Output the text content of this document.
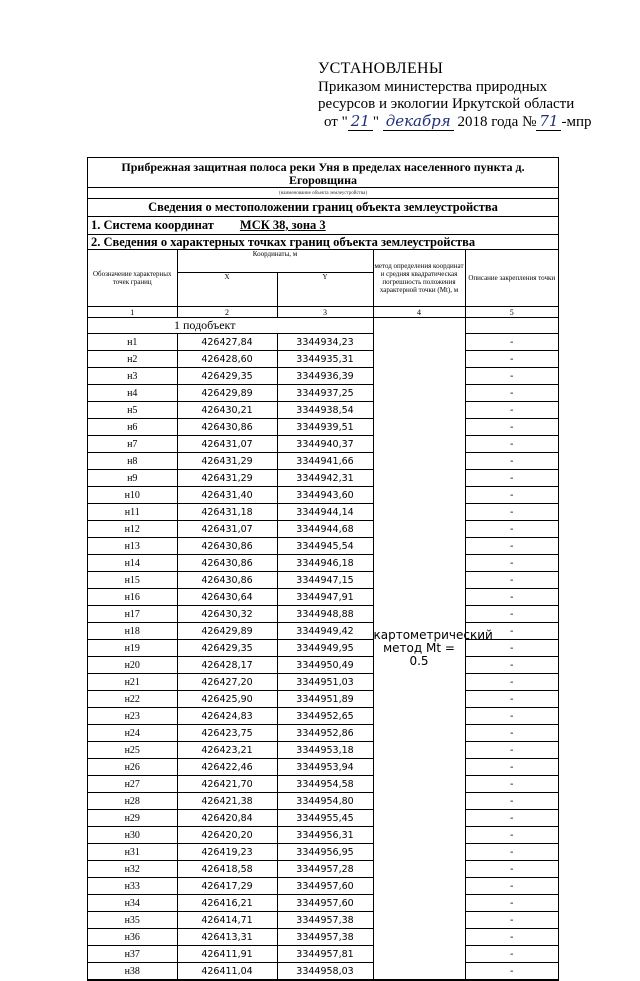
УСТАНОВЛЕНЫ
Приказом министерства природных
ресурсов и экологии Иркутской области
от " 21 " декабря 2018 года № 71 -мпр
Прибрежная защитная полоса реки Уня в пределах населенного пункта д. Егоровщина
(наименование объекта землеустройства)
Сведения о местоположении границ объекта землеустройства
1. Система координат МСК 38, зона 3
2. Сведения о характерных точках границ объекта землеустройства
Обозначение характерных точек границ	Координаты, м		метод определения координат и средняя квадратическая погрешность положения характерной точки (Mt), м	Описание закрепления точки
	X	Y		
1	2	3	4	5
1 подобъект			картометрический метод Mt = 0.5	
н1	426427,84	3344934,23		-
н2	426428,60	3344935,31		-
н3	426429,35	3344936,39		-
н4	426429,89	3344937,25		-
н5	426430,21	3344938,54		-
н6	426430,86	3344939,51		-
н7	426431,07	3344940,37		-
н8	426431,29	3344941,66		-
н9	426431,29	3344942,31		-
н10	426431,40	3344943,60		-
н11	426431,18	3344944,14		-
н12	426431,07	3344944,68		-
н13	426430,86	3344945,54		-
н14	426430,86	3344946,18		-
н15	426430,86	3344947,15		-
н16	426430,64	3344947,91		-
н17	426430,32	3344948,88		-
н18	426429,89	3344949,42		-
н19	426429,35	3344949,95		-
н20	426428,17	3344950,49		-
н21	426427,20	3344951,03		-
н22	426425,90	3344951,89		-
н23	426424,83	3344952,65		-
н24	426423,75	3344952,86		-
н25	426423,21	3344953,18		-
н26	426422,46	3344953,94		-
н27	426421,70	3344954,58		-
н28	426421,38	3344954,80		-
н29	426420,84	3344955,45		-
н30	426420,20	3344956,31		-
н31	426419,23	3344956,95		-
н32	426418,58	3344957,28		-
н33	426417,29	3344957,60		-
н34	426416,21	3344957,60		-
н35	426414,71	3344957,38		-
н36	426413,31	3344957,38		-
н37	426411,91	3344957,81		-
н38	426411,04	3344958,03		-
